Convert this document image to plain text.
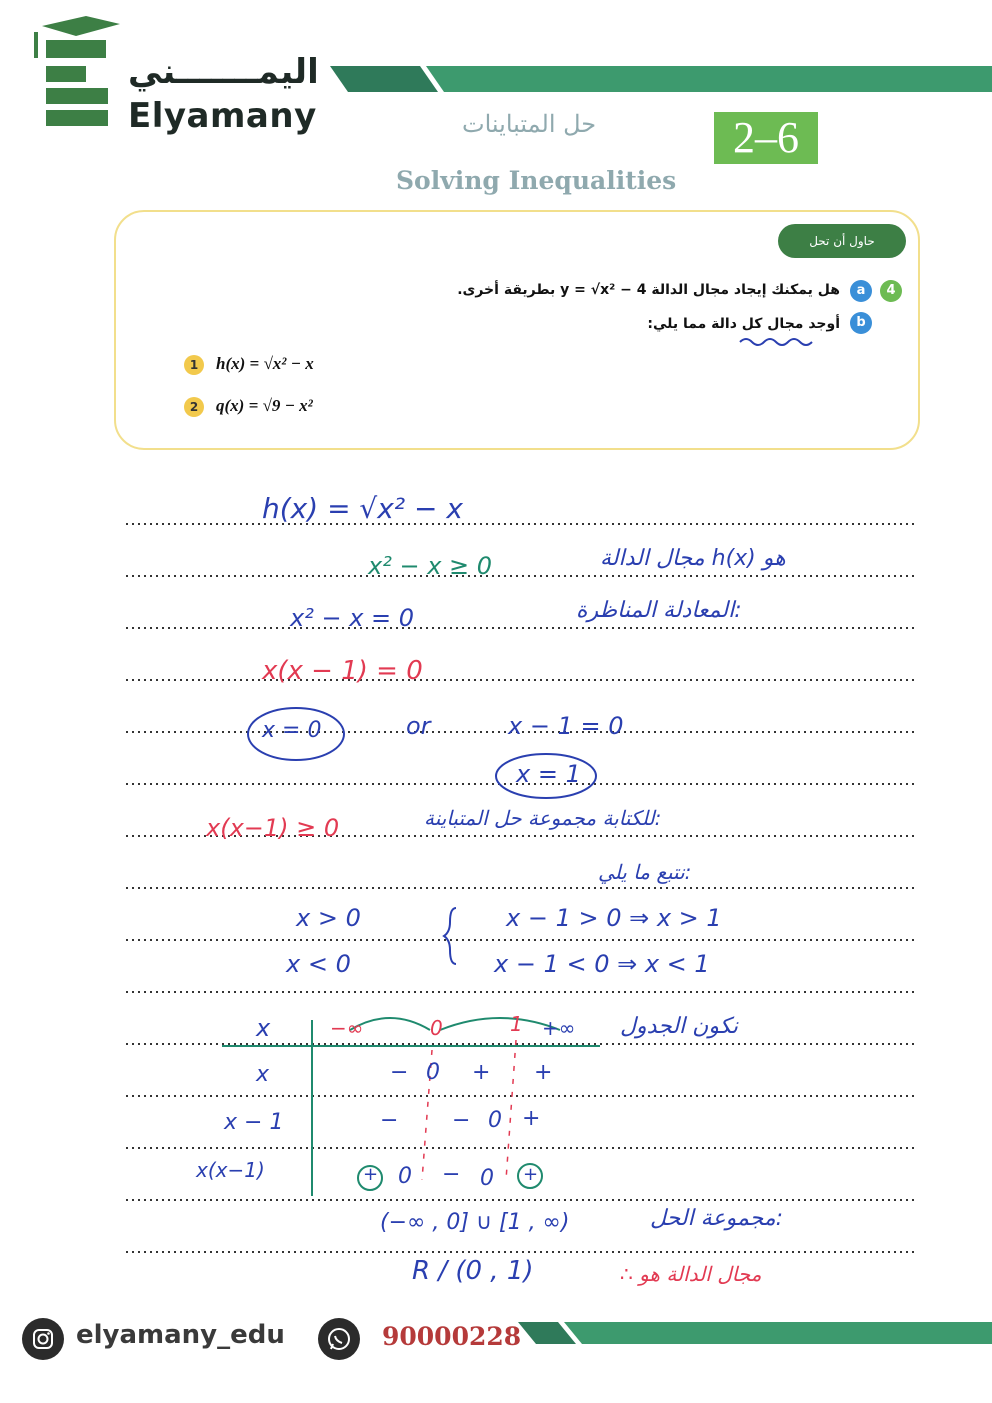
اليمـــــــني
Elyamany	حل المتباينات
Solving Inequalities
2–6
حاول أن تحل
4
a
هل يمكنك إيجاد مجال الدالة y = √x² − 4 بطريقة أخرى.
b
أوجد مجال كل دالة مما يلي:
1	h(x) = √x² − x
2	q(x) = √9 − x²
h(x) = √x² − x
x² − x ≥ 0	مجال الدالة h(x) هو
x² − x = 0	المعادلة المناظرة:
x(x − 1) = 0
x = 0	or	x − 1 = 0
x = 1
x(x−1) ≥ 0	للكتابة مجموعة حل المتباينة:
نتبع ما يلي:
x > 0	x − 1 > 0 ⇒ x > 1
x < 0	x − 1 < 0 ⇒ x < 1
x	−∞	0	1 +∞ نكون الجدول
x	− 0 + +
x − 1	− − 0 +
x(x−1)	+ 0 − 0 +
(−∞ , 0] ∪ [1 , ∞)	مجموعة الحل:
R / (0 , 1)	∴ مجال الدالة هو
elyamany_edu	90000228
